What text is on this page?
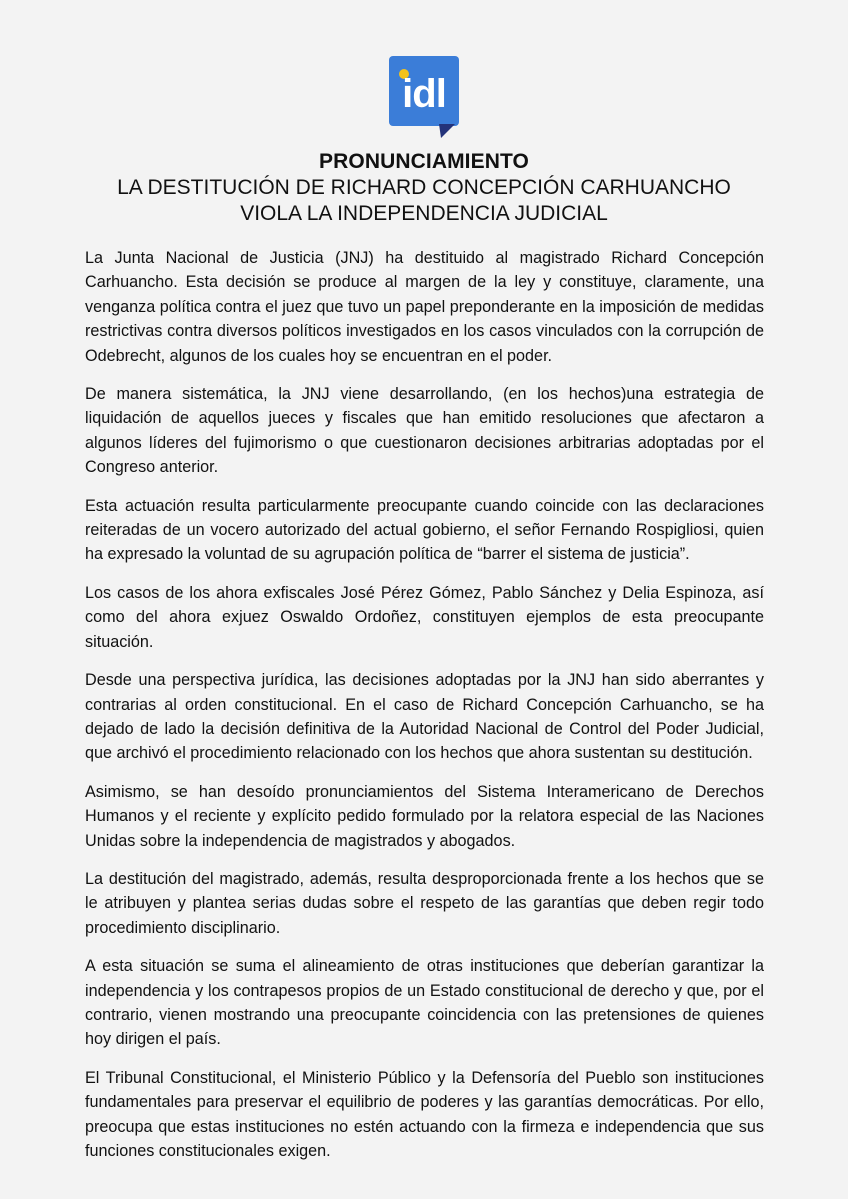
idl
PRONUNCIAMIENTO
LA DESTITUCIÓN DE RICHARD CONCEPCIÓN CARHUANCHO
VIOLA LA INDEPENDENCIA JUDICIAL

La Junta Nacional de Justicia (JNJ) ha destituido al magistrado Richard Concepción Carhuancho. Esta decisión se produce al margen de la ley y constituye, claramente, una venganza política contra el juez que tuvo un papel preponderante en la imposición de medidas restrictivas contra diversos políticos investigados en los casos vinculados con la corrupción de Odebrecht, algunos de los cuales hoy se encuentran en el poder.

De manera sistemática, la JNJ viene desarrollando, (en los hechos)una estrategia de liquidación de aquellos jueces y fiscales que han emitido resoluciones que afectaron a algunos líderes del fujimorismo o que cuestionaron decisiones arbitrarias adoptadas por el Congreso anterior.

Esta actuación resulta particularmente preocupante cuando coincide con las declaraciones reiteradas de un vocero autorizado del actual gobierno, el señor Fernando Rospigliosi, quien ha expresado la voluntad de su agrupación política de “barrer el sistema de justicia”.

Los casos de los ahora exfiscales José Pérez Gómez, Pablo Sánchez y Delia Espinoza, así como del ahora exjuez Oswaldo Ordoñez, constituyen ejemplos de esta preocupante situación.

Desde una perspectiva jurídica, las decisiones adoptadas por la JNJ han sido aberrantes y contrarias al orden constitucional. En el caso de Richard Concepción Carhuancho, se ha dejado de lado la decisión definitiva de la Autoridad Nacional de Control del Poder Judicial, que archivó el procedimiento relacionado con los hechos que ahora sustentan su destitución.

Asimismo, se han desoído pronunciamientos del Sistema Interamericano de Derechos Humanos y el reciente y explícito pedido formulado por la relatora especial de las Naciones Unidas sobre la independencia de magistrados y abogados.

La destitución del magistrado, además, resulta desproporcionada frente a los hechos que se le atribuyen y plantea serias dudas sobre el respeto de las garantías que deben regir todo procedimiento disciplinario.

A esta situación se suma el alineamiento de otras instituciones que deberían garantizar la independencia y los contrapesos propios de un Estado constitucional de derecho y que, por el contrario, vienen mostrando una preocupante coincidencia con las pretensiones de quienes hoy dirigen el país.

El Tribunal Constitucional, el Ministerio Público y la Defensoría del Pueblo son instituciones fundamentales para preservar el equilibrio de poderes y las garantías democráticas. Por ello, preocupa que estas instituciones no estén actuando con la firmeza e independencia que sus funciones constitucionales exigen.
